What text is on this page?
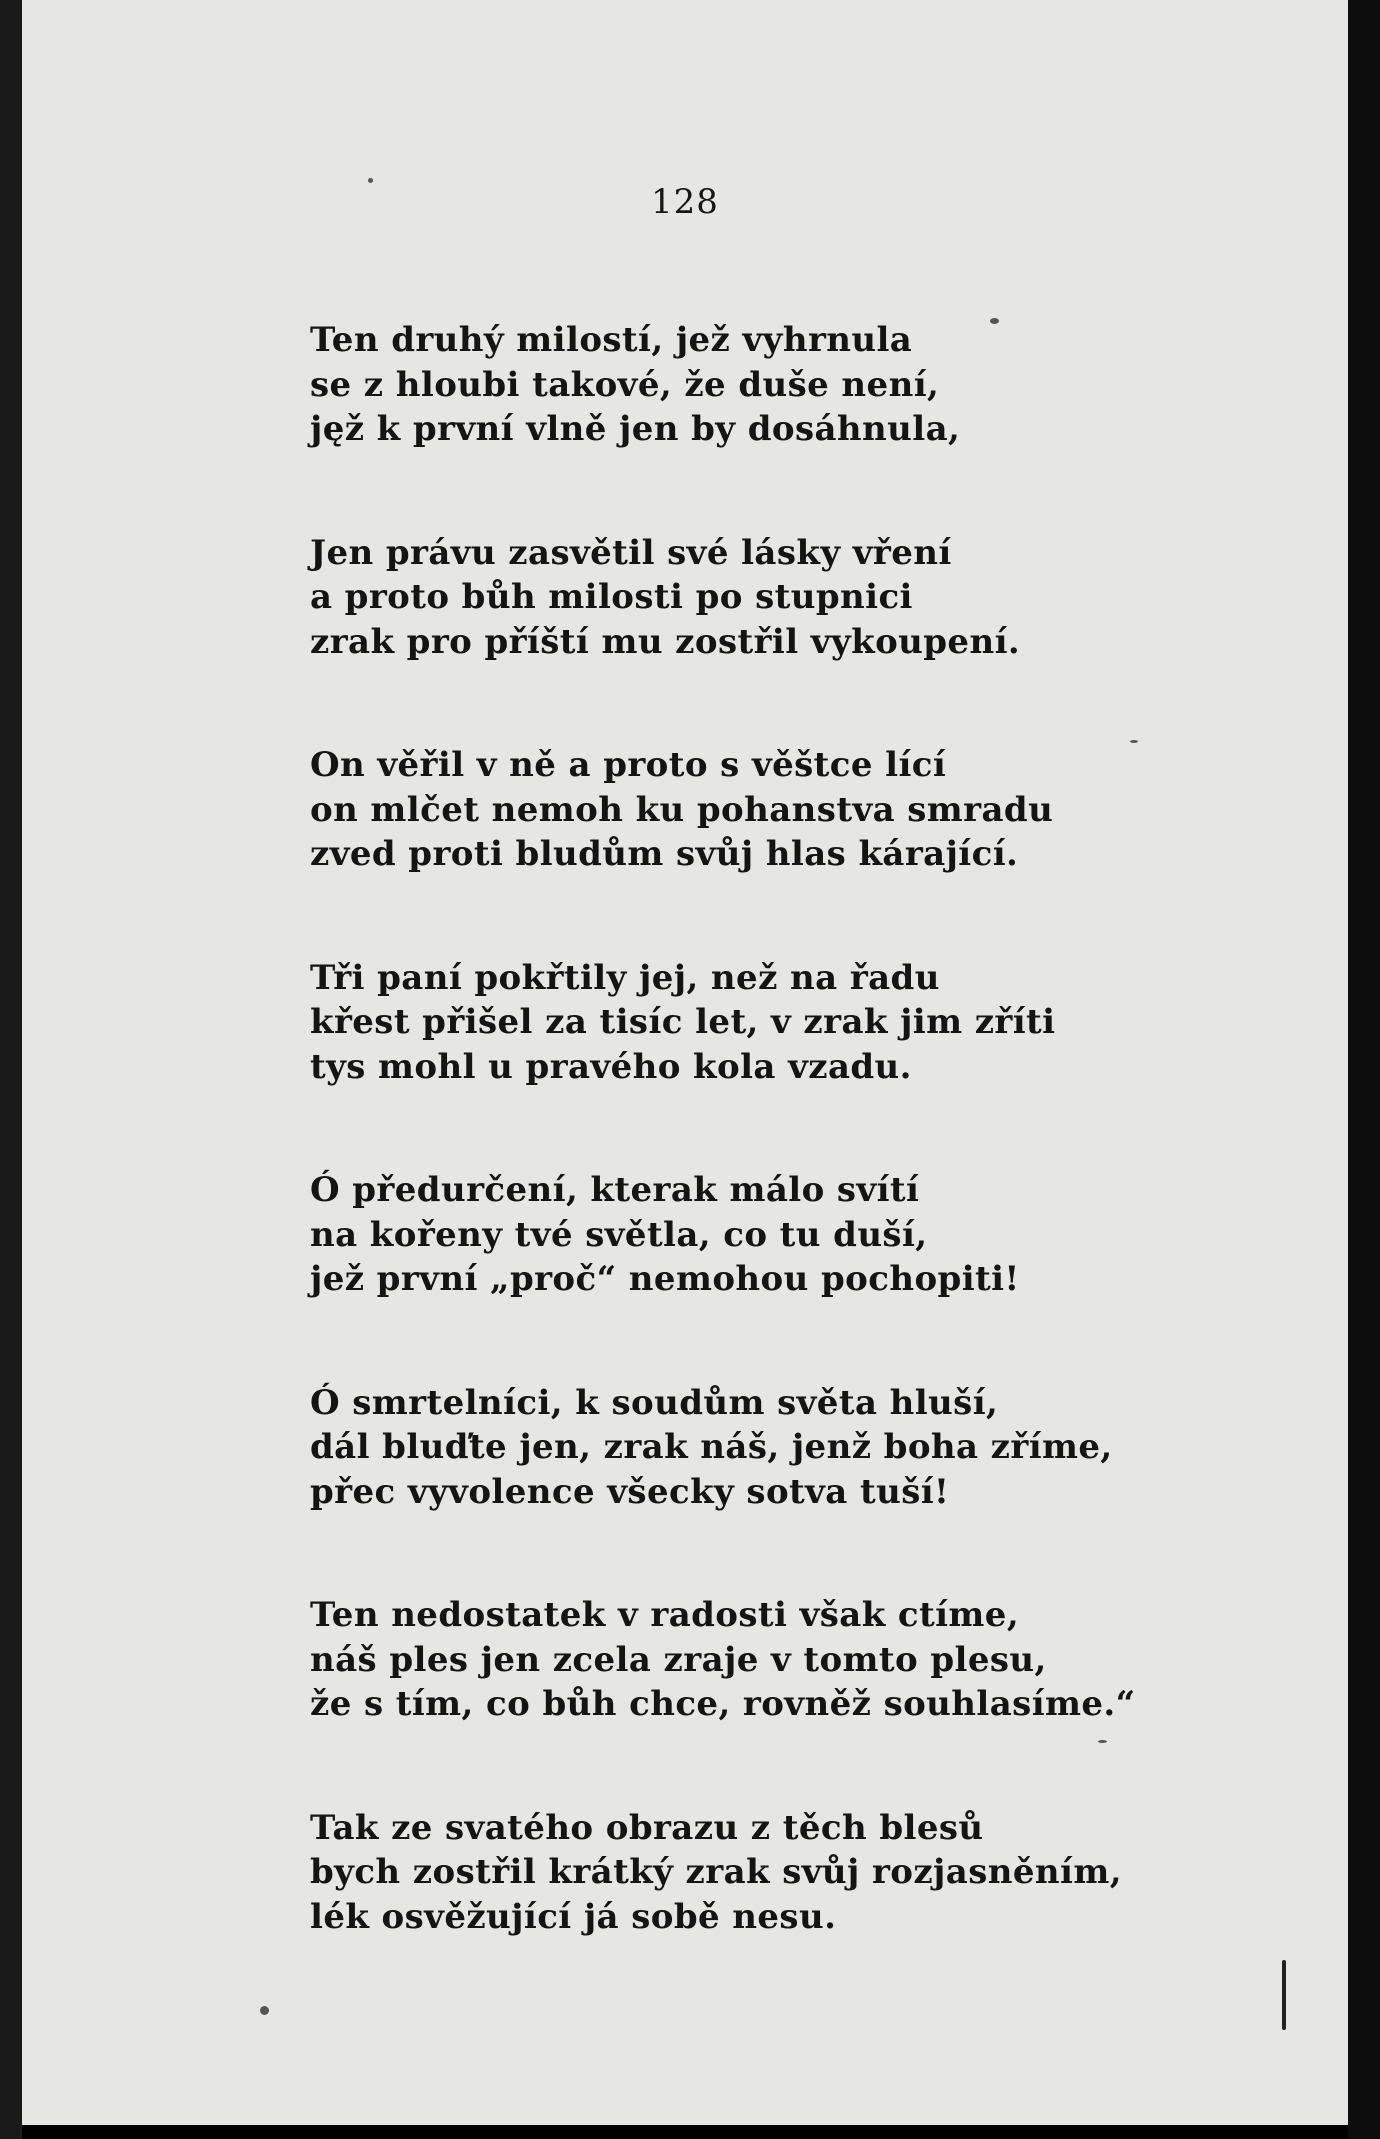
128
Ten druhý milostí, jež vyhrnula
se z hloubi takové, že duše není,
jęž k první vlně jen by dosáhnula,
Jen právu zasvětil své lásky vření
a proto bůh milosti po stupnici
zrak pro příští mu zostřil vykoupení.
On věřil v ně a proto s věštce lící
on mlčet nemoh ku pohanstva smradu
zved proti bludům svůj hlas kárající.
Tři paní pokřtily jej, než na řadu
křest přišel za tisíc let, v zrak jim zříti
tys mohl u pravého kola vzadu.
Ó předurčení, kterak málo svítí
na kořeny tvé světla, co tu duší,
jež první „proč“ nemohou pochopiti!
Ó smrtelníci, k soudům světa hluší,
dál bluďte jen, zrak náš, jenž boha zříme,
přec vyvolence všecky sotva tuší!
Ten nedostatek v radosti však ctíme,
náš ples jen zcela zraje v tomto plesu,
že s tím, co bůh chce, rovněž souhlasíme.“
Tak ze svatého obrazu z těch blesů
bych zostřil krátký zrak svůj rozjasněním,
lék osvěžující já sobě nesu.
